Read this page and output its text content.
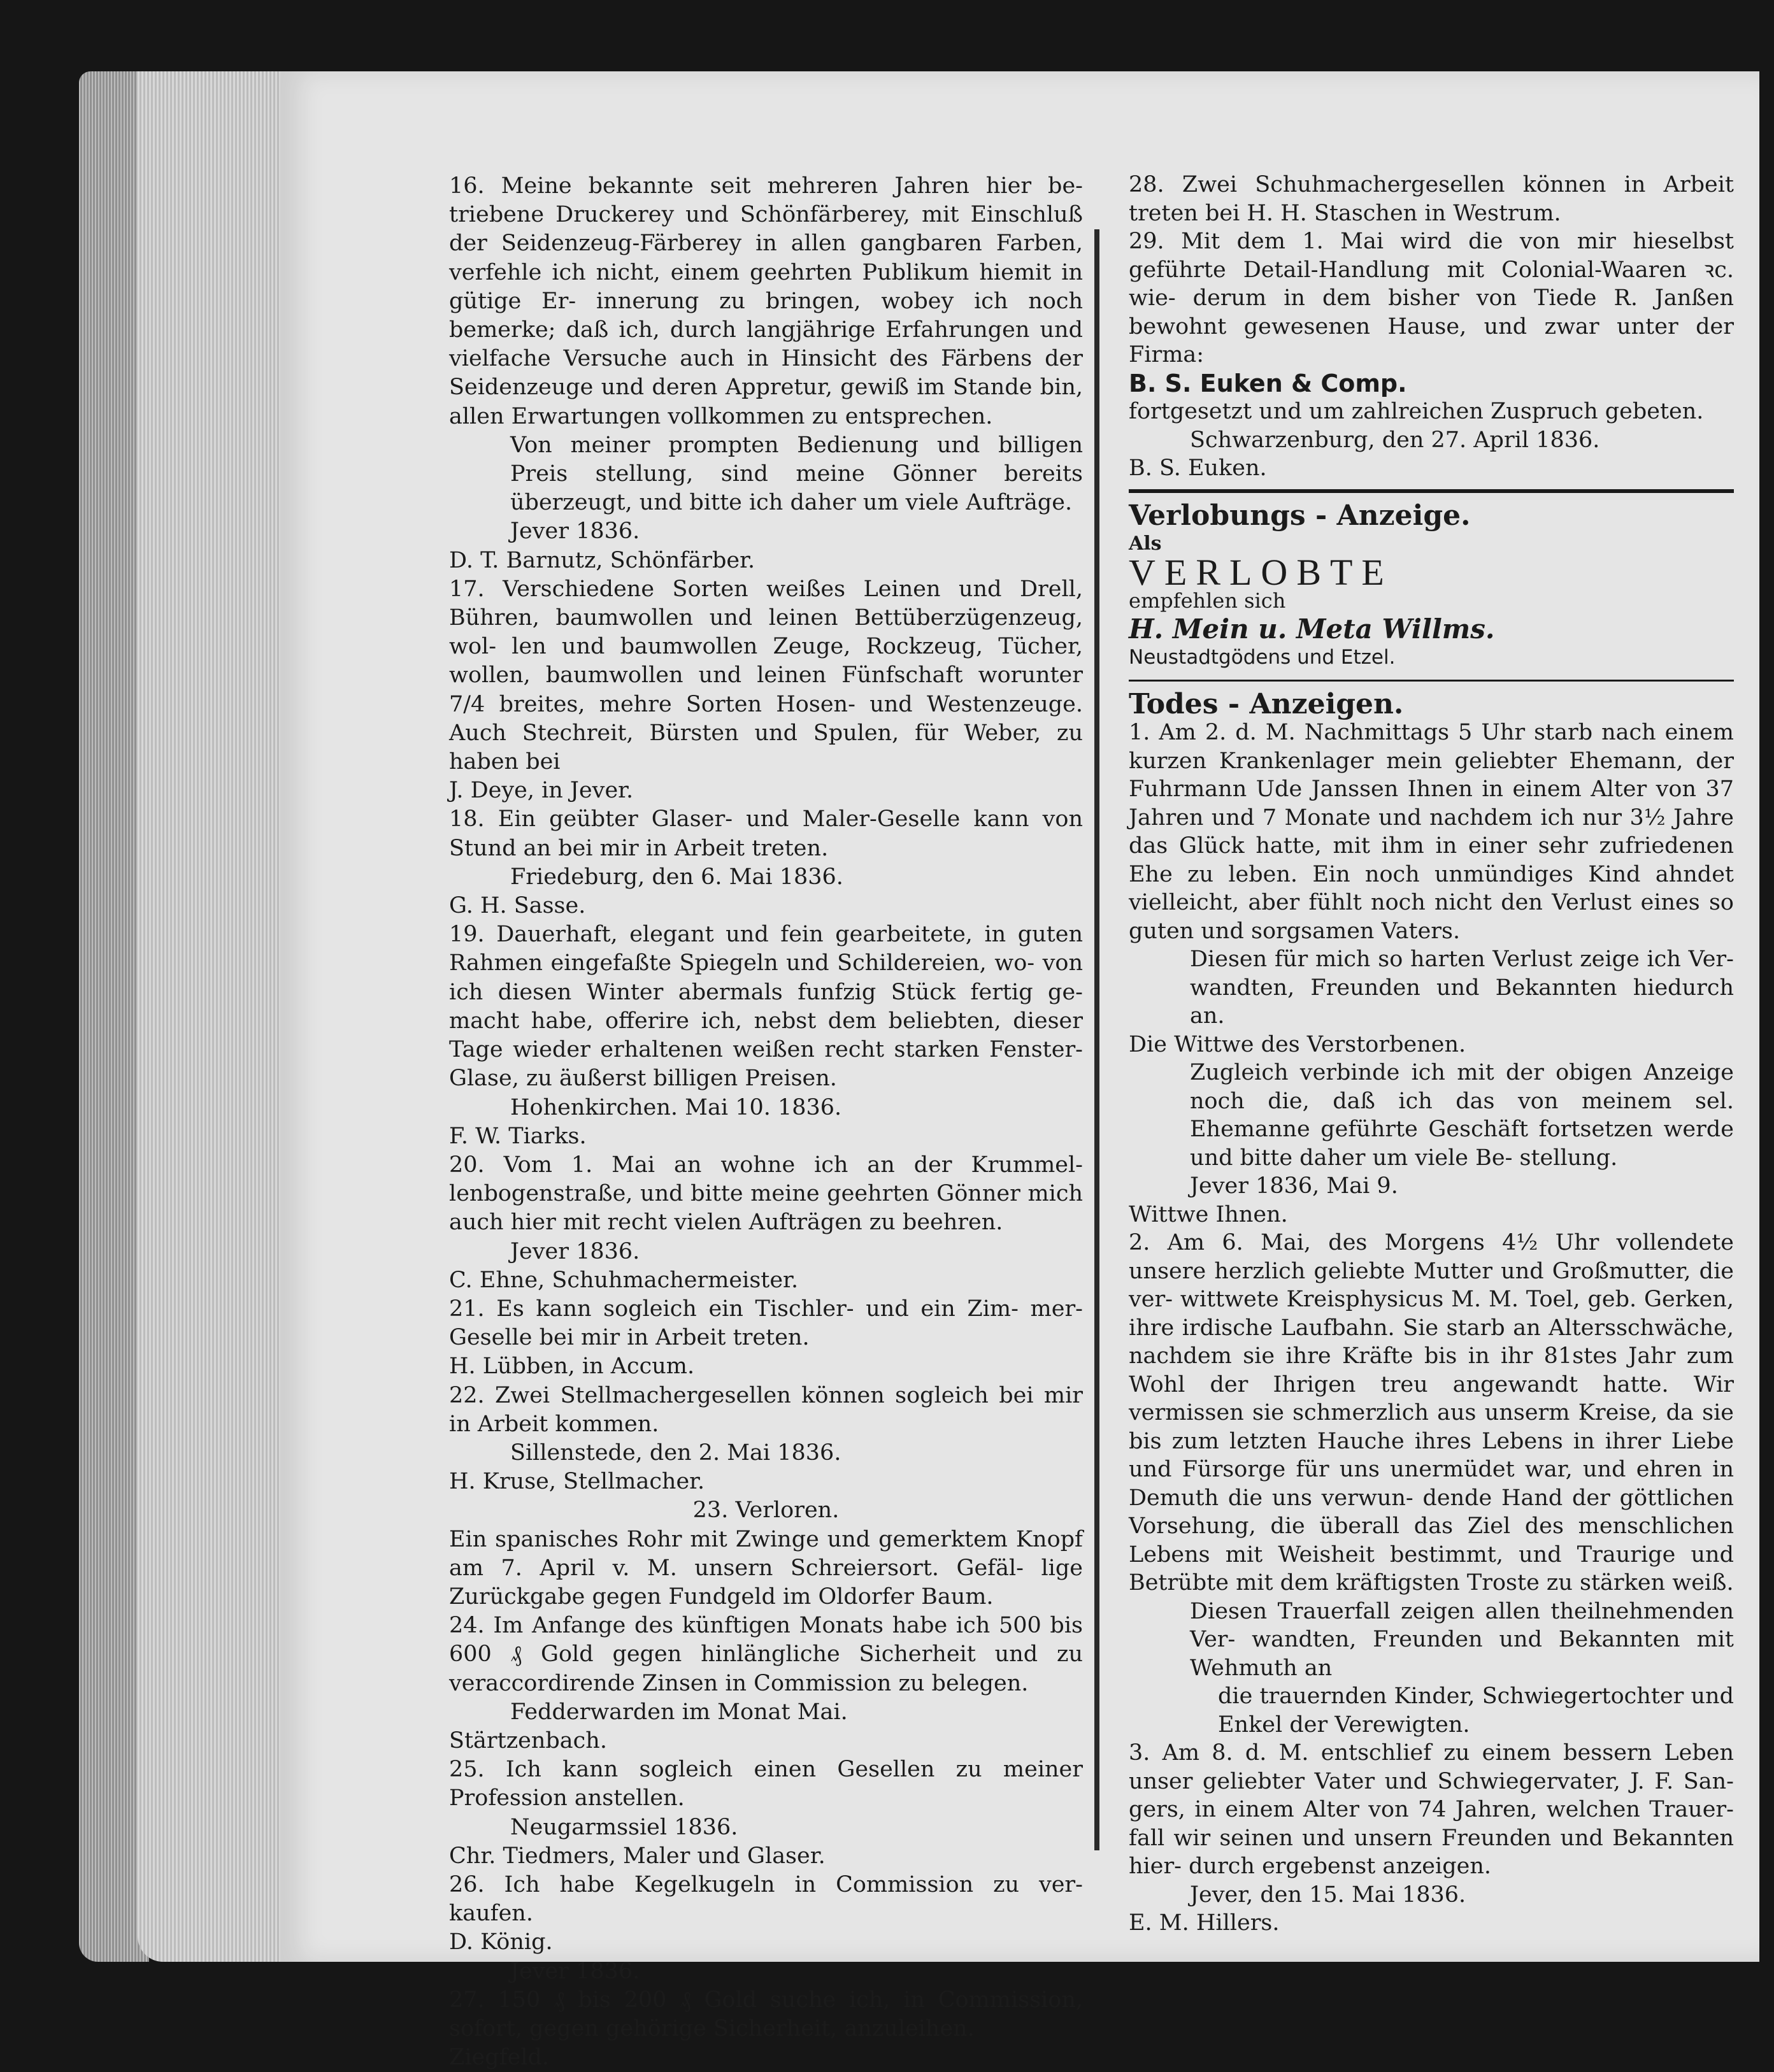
16. Meine bekannte seit mehreren Jahren hier be- triebene Druckerey und Schönfärberey, mit Einschluß der Seidenzeug-Färberey in allen gangbaren Farben, verfehle ich nicht, einem geehrten Publikum hiemit in gütige Er- innerung zu bringen, wobey ich noch bemerke; daß ich, durch langjährige Erfahrungen und vielfache Versuche auch in Hinsicht des Färbens der Seidenzeuge und deren Appretur, gewiß im Stande bin, allen Erwartungen vollkommen zu entsprechen.

Von meiner prompten Bedienung und billigen Preis stellung, sind meine Gönner bereits überzeugt, und bitte ich daher um viele Aufträge.

Jever 1836.

D. T. Barnutz, Schönfärber.

17. Verschiedene Sorten weißes Leinen und Drell, Bühren, baumwollen und leinen Bettüberzügenzeug, wol- len und baumwollen Zeuge, Rockzeug, Tücher, wollen, baumwollen und leinen Fünfschaft worunter 7/4 breites, mehre Sorten Hosen- und Westenzeuge. Auch Stechreit, Bürsten und Spulen, für Weber, zu haben bei

J. Deye, in Jever.

18. Ein geübter Glaser- und Maler-Geselle kann von Stund an bei mir in Arbeit treten.

Friedeburg, den 6. Mai 1836.

G. H. Sasse.

19. Dauerhaft, elegant und fein gearbeitete, in guten Rahmen eingefaßte Spiegeln und Schildereien, wo- von ich diesen Winter abermals funfzig Stück fertig ge- macht habe, offerire ich, nebst dem beliebten, dieser Tage wieder erhaltenen weißen recht starken Fenster-Glase, zu äußerst billigen Preisen.

Hohenkirchen. Mai 10. 1836.

F. W. Tiarks.

20. Vom 1. Mai an wohne ich an der Krummel- lenbogenstraße, und bitte meine geehrten Gönner mich auch hier mit recht vielen Aufträgen zu beehren.

Jever 1836.

C. Ehne, Schuhmachermeister.

21. Es kann sogleich ein Tischler- und ein Zim- mer-Geselle bei mir in Arbeit treten.

H. Lübben, in Accum.

22. Zwei Stellmachergesellen können sogleich bei mir in Arbeit kommen.

Sillenstede, den 2. Mai 1836.

H. Kruse, Stellmacher.

23. Verloren.

Ein spanisches Rohr mit Zwinge und gemerktem Knopf am 7. April v. M. unsern Schreiersort. Gefäl- lige Zurückgabe gegen Fundgeld im Oldorfer Baum.

24. Im Anfange des künftigen Monats habe ich 500 bis 600 ₰ Gold gegen hinlängliche Sicherheit und zu veraccordirende Zinsen in Commission zu belegen.

Fedderwarden im Monat Mai.

Stärtzenbach.

25. Ich kann sogleich einen Gesellen zu meiner Profession anstellen.

Neugarmssiel 1836.

Chr. Tiedmers, Maler und Glaser.

26. Ich habe Kegelkugeln in Commission zu ver- kaufen.

D. König.

Jever 1836.

27. 150 ₰ bis 200 ₰ Gold suche ich, in Commission, sofort, gegen gehörige Sicherheit, anzuleihen.

Ziegfeld.

28. Zwei Schuhmachergesellen können in Arbeit treten bei H. H. Staschen in Westrum.

29. Mit dem 1. Mai wird die von mir hieselbst geführte Detail-Handlung mit Colonial-Waaren ꝛc. wie- derum in dem bisher von Tiede R. Janßen bewohnt gewesenen Hause, und zwar unter der Firma:

B. S. Euken & Comp.

fortgesetzt und um zahlreichen Zuspruch gebeten.

Schwarzenburg, den 27. April 1836.

B. S. Euken.

Verlobungs - Anzeige.

Als

VERLOBTE

empfehlen sich

H. Mein u. Meta Willms.

Neustadtgödens und Etzel.

Todes - Anzeigen.

1. Am 2. d. M. Nachmittags 5 Uhr starb nach einem kurzen Krankenlager mein geliebter Ehemann, der Fuhrmann Ude Janssen Ihnen in einem Alter von 37 Jahren und 7 Monate und nachdem ich nur 3½ Jahre das Glück hatte, mit ihm in einer sehr zufriedenen Ehe zu leben. Ein noch unmündiges Kind ahndet vielleicht, aber fühlt noch nicht den Verlust eines so guten und sorgsamen Vaters.

Diesen für mich so harten Verlust zeige ich Ver- wandten, Freunden und Bekannten hiedurch an.

Die Wittwe des Verstorbenen.

Zugleich verbinde ich mit der obigen Anzeige noch die, daß ich das von meinem sel. Ehemanne geführte Geschäft fortsetzen werde und bitte daher um viele Be- stellung.

Jever 1836, Mai 9.

Wittwe Ihnen.

2. Am 6. Mai, des Morgens 4½ Uhr vollendete unsere herzlich geliebte Mutter und Großmutter, die ver- wittwete Kreisphysicus M. M. Toel, geb. Gerken, ihre irdische Laufbahn. Sie starb an Altersschwäche, nachdem sie ihre Kräfte bis in ihr 81stes Jahr zum Wohl der Ihrigen treu angewandt hatte. Wir vermissen sie schmerzlich aus unserm Kreise, da sie bis zum letzten Hauche ihres Lebens in ihrer Liebe und Fürsorge für uns unermüdet war, und ehren in Demuth die uns verwun- dende Hand der göttlichen Vorsehung, die überall das Ziel des menschlichen Lebens mit Weisheit bestimmt, und Traurige und Betrübte mit dem kräftigsten Troste zu stärken weiß.

Diesen Trauerfall zeigen allen theilnehmenden Ver- wandten, Freunden und Bekannten mit Wehmuth an

die trauernden Kinder, Schwiegertochter und Enkel der Verewigten.

3. Am 8. d. M. entschlief zu einem bessern Leben unser geliebter Vater und Schwiegervater, J. F. San- gers, in einem Alter von 74 Jahren, welchen Trauer- fall wir seinen und unsern Freunden und Bekannten hier- durch ergebenst anzeigen.

Jever, den 15. Mai 1836.

E. M. Hillers.
